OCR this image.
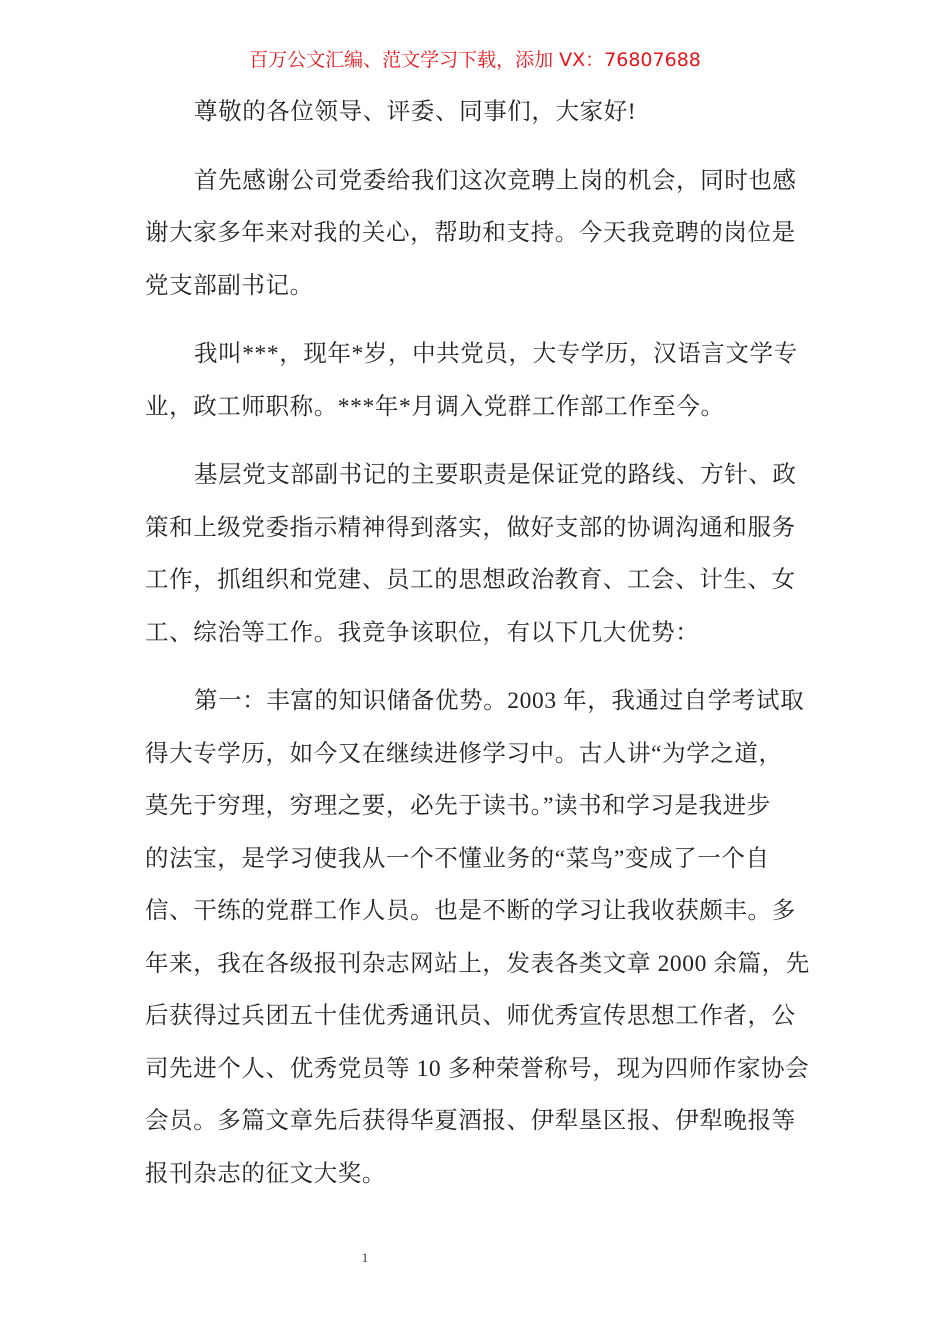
百万公文汇编、范文学习下载，添加 VX：76807688
尊敬的各位领导、评委、同事们，大家好!
首先感谢公司党委给我们这次竞聘上岗的机会，同时也感
谢大家多年来对我的关心，帮助和支持。今天我竞聘的岗位是
党支部副书记。
我叫***，现年*岁，中共党员，大专学历，汉语言文学专
业，政工师职称。***年*月调入党群工作部工作至今。
基层党支部副书记的主要职责是保证党的路线、方针、政
策和上级党委指示精神得到落实，做好支部的协调沟通和服务
工作，抓组织和党建、员工的思想政治教育、工会、计生、女
工、综治等工作。我竞争该职位，有以下几大优势：
第一：丰富的知识储备优势。2003 年，我通过自学考试取
得大专学历，如今又在继续进修学习中。古人讲“为学之道，
莫先于穷理，穷理之要，必先于读书。”读书和学习是我进步
的法宝，是学习使我从一个不懂业务的“菜鸟”变成了一个自
信、干练的党群工作人员。也是不断的学习让我收获颇丰。多
年来，我在各级报刊杂志网站上，发表各类文章 2000 余篇，先
后获得过兵团五十佳优秀通讯员、师优秀宣传思想工作者，公
司先进个人、优秀党员等 10 多种荣誉称号，现为四师作家协会
会员。多篇文章先后获得华夏酒报、伊犁垦区报、伊犁晚报等
报刊杂志的征文大奖。
1
